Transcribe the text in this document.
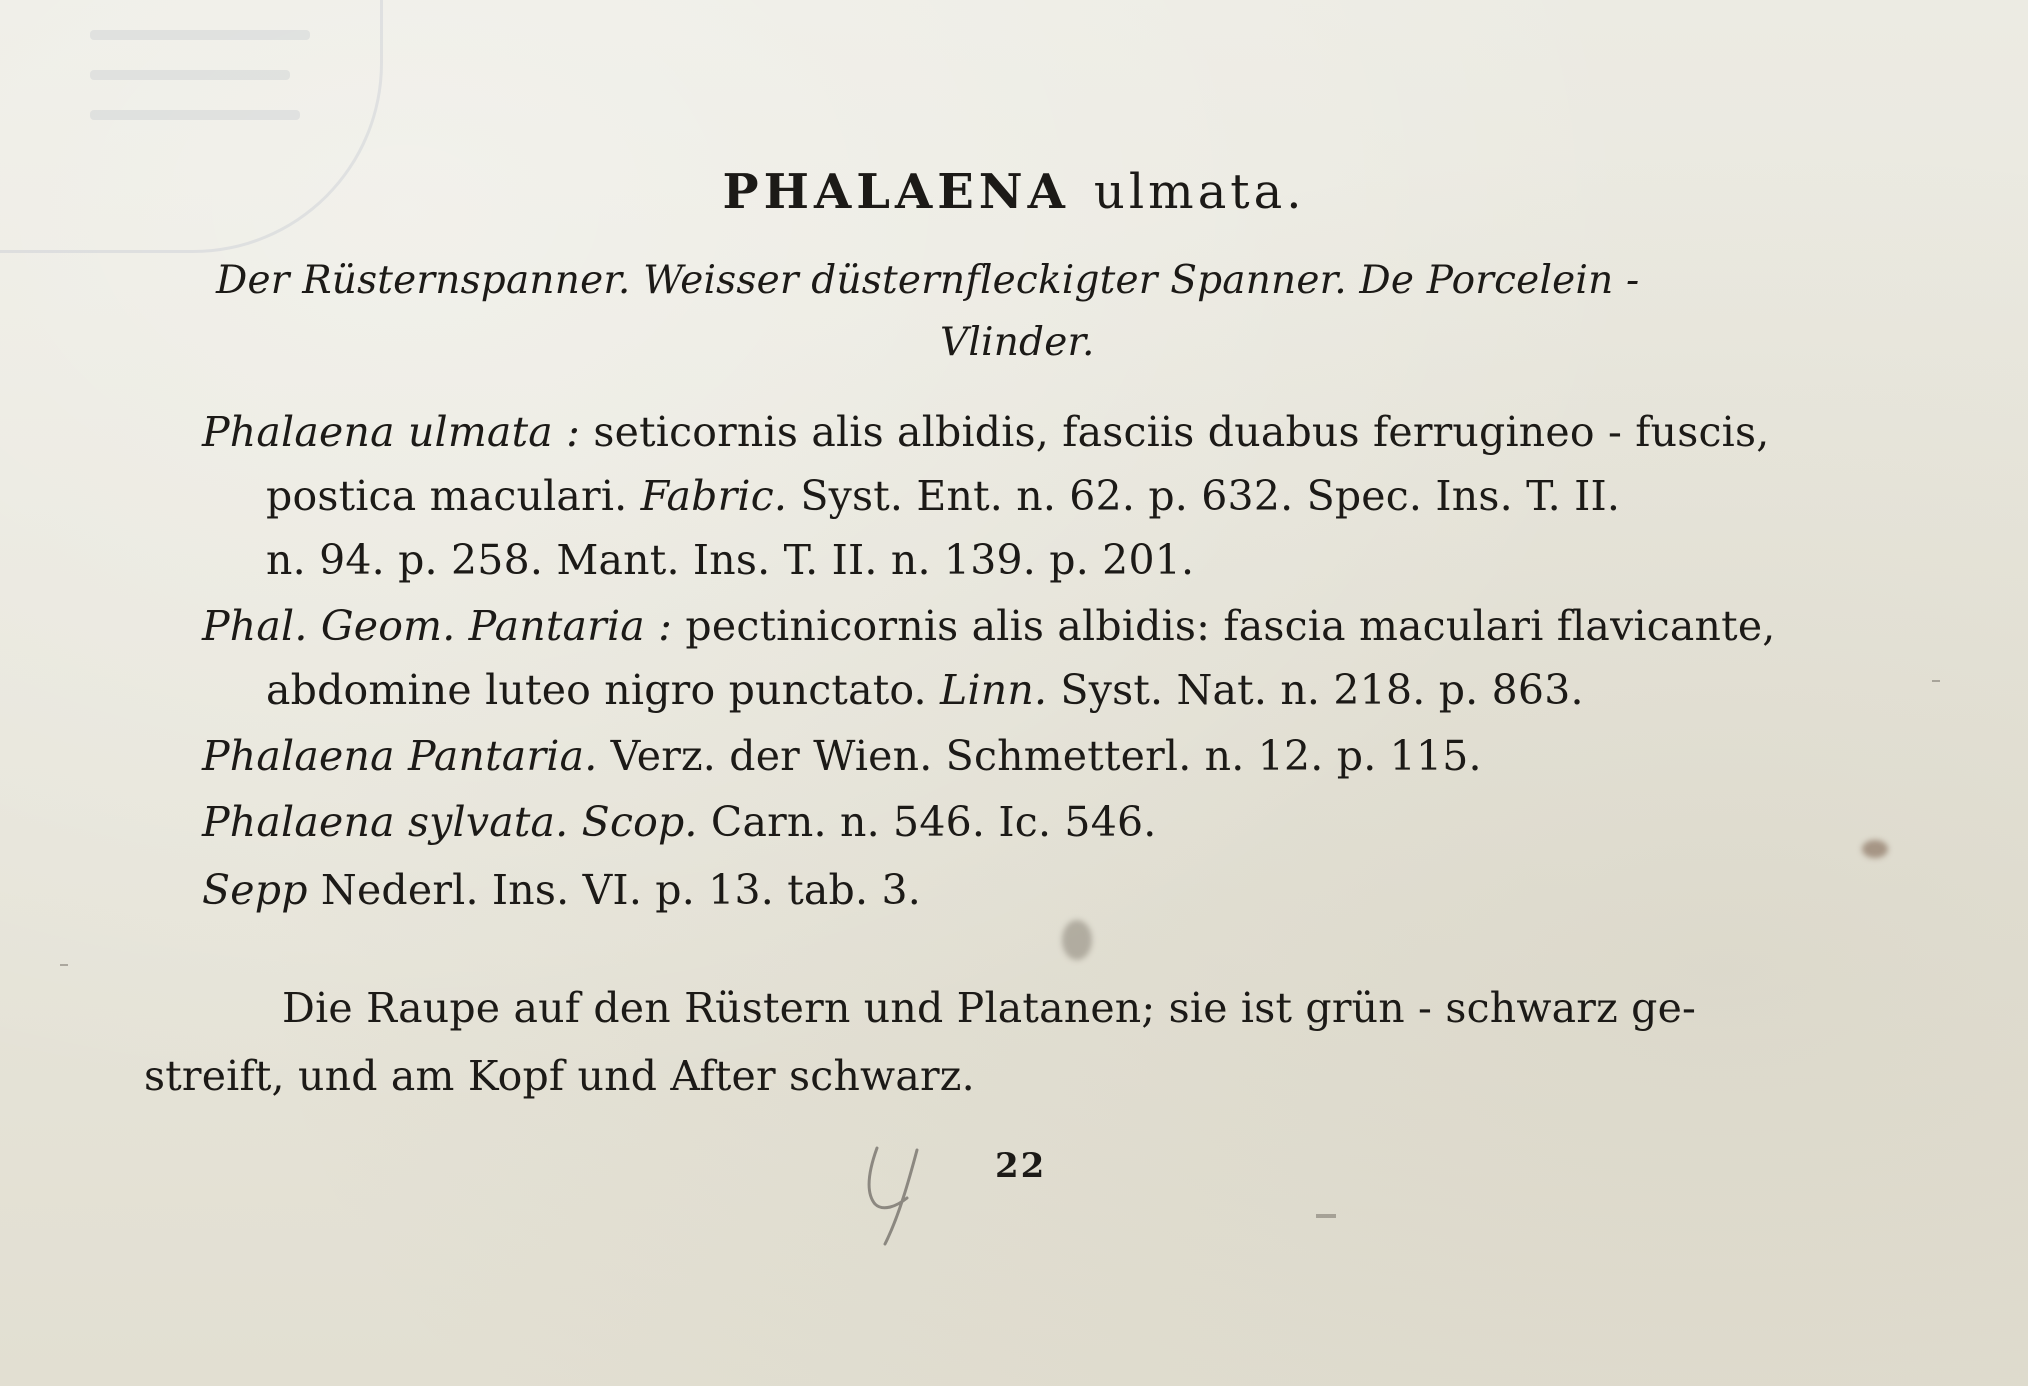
PHALAENA ulmata.
Der Rüsternspanner. Weisser düsternfleckigter Spanner. De Porcelein -
Vlinder.
Phalaena ulmata : seticornis alis albidis, fasciis duabus ferrugineo - fuscis,
postica maculari. Fabric. Syst. Ent. n. 62. p. 632. Spec. Ins. T. II.
n. 94. p. 258. Mant. Ins. T. II. n. 139. p. 201.
Phal. Geom. Pantaria : pectinicornis alis albidis: fascia maculari flavicante,
abdomine luteo nigro punctato. Linn. Syst. Nat. n. 218. p. 863.
Phalaena Pantaria. Verz. der Wien. Schmetterl. n. 12. p. 115.
Phalaena sylvata. Scop. Carn. n. 546. Ic. 546.
Sepp Nederl. Ins. VI. p. 13. tab. 3.
Die Raupe auf den Rüstern und Platanen; sie ist grün - schwarz ge-
streift, und am Kopf und After schwarz.
22
